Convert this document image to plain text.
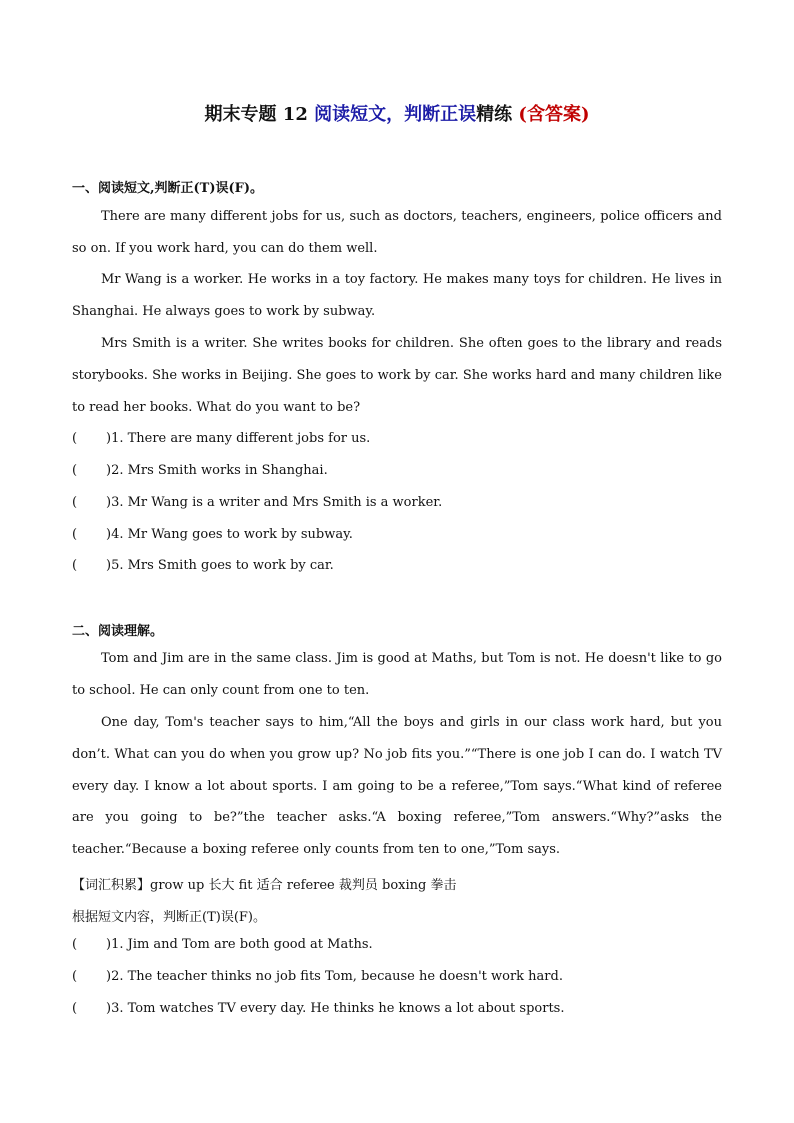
期末专题 12 阅读短文，判断正误精练 (含答案)
一、阅读短文,判断正(T)误(F)。
There are many different jobs for us, such as doctors, teachers, engineers, police officers and so on. If you work hard, you can do them well.
Mr Wang is a worker. He works in a toy factory. He makes many toys for children. He lives in Shanghai. He always goes to work by subway.
Mrs Smith is a writer. She writes books for children. She often goes to the library and reads storybooks. She works in Beijing. She goes to work by car. She works hard and many children like to read her books. What do you want to be?
( )1. There are many different jobs for us.
( )2. Mrs Smith works in Shanghai.
( )3. Mr Wang is a writer and Mrs Smith is a worker.
( )4. Mr Wang goes to work by subway.
( )5. Mrs Smith goes to work by car.
二、阅读理解。
Tom and Jim are in the same class. Jim is good at Maths, but Tom is not. He doesn't like to go to school. He can only count from one to ten.
One day, Tom's teacher says to him,“All the boys and girls in our class work hard, but you don’t. What can you do when you grow up? No job fits you.”“There is one job I can do. I watch TV every day. I know a lot about sports. I am going to be a referee,”Tom says.“What kind of referee are you going to be?”the teacher asks.“A boxing referee,”Tom answers.“Why?”asks the teacher.“Because a boxing referee only counts from ten to one,”Tom says.
【词汇积累】grow up 长大 fit 适合 referee 裁判员 boxing 拳击
根据短文内容，判断正(T)误(F)。
( )1. Jim and Tom are both good at Maths.
( )2. The teacher thinks no job fits Tom, because he doesn't work hard.
( )3. Tom watches TV every day. He thinks he knows a lot about sports.
